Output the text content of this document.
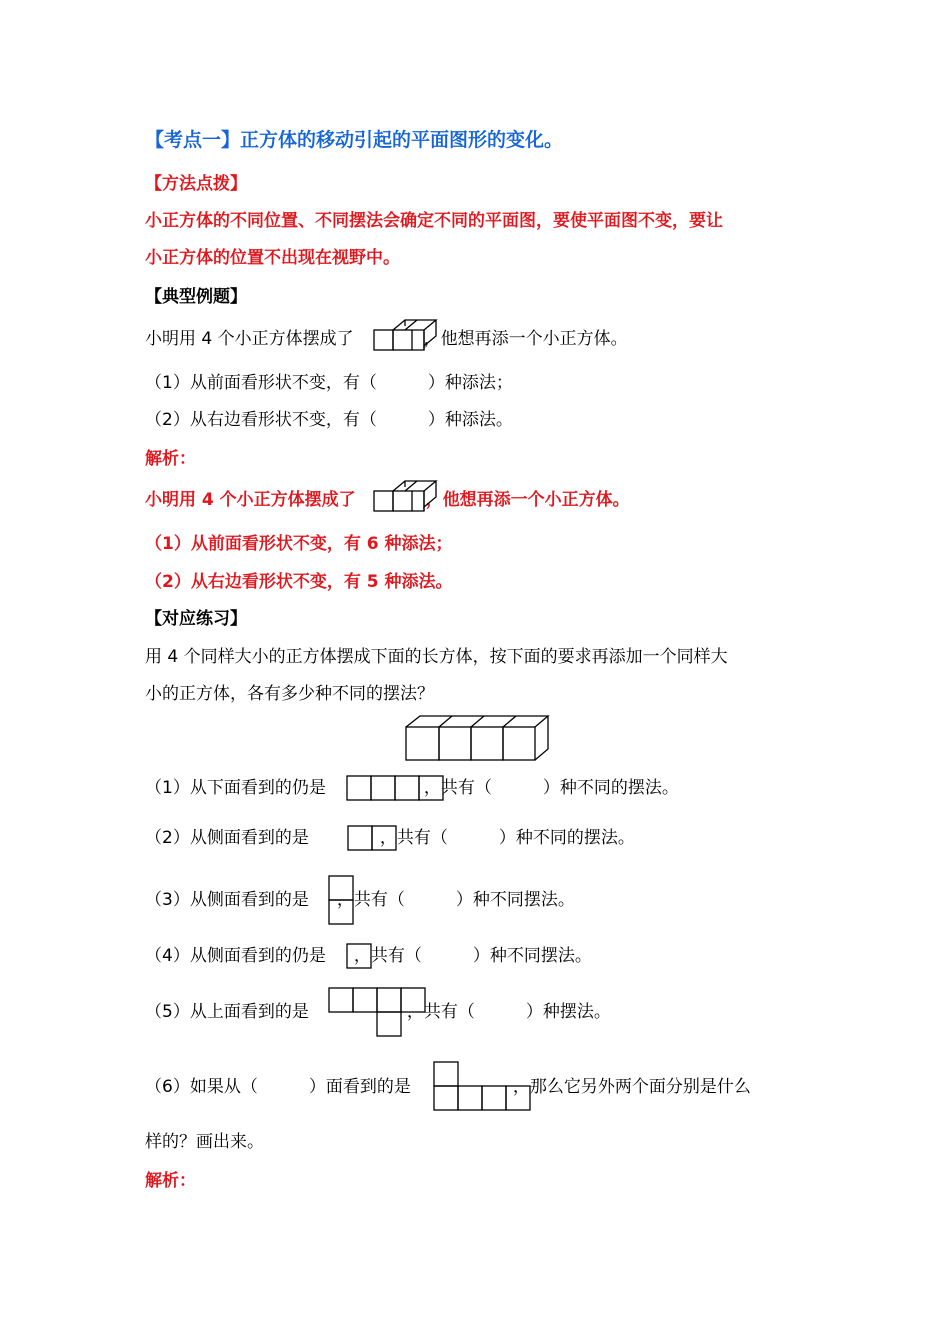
【考点一】正方体的移动引起的平面图形的变化。
【方法点拨】
小正方体的不同位置、不同摆法会确定不同的平面图，要使平面图不变，要让
小正方体的位置不出现在视野中。
【典型例题】
小明用 4 个小正方体摆成了	，他想再添一个小正方体。
（1）从前面看形状不变，有（　　　）种添法；
（2）从右边看形状不变，有（　　　）种添法。
解析：
小明用 4 个小正方体摆成了	，他想再添一个小正方体。
（1）从前面看形状不变，有 6 种添法；
（2）从右边看形状不变，有 5 种添法。
【对应练习】
用 4 个同样大小的正方体摆成下面的长方体，按下面的要求再添加一个同样大
小的正方体，各有多少种不同的摆法？
（1）从下面看到的仍是	，共有（　　　）种不同的摆法。
（2）从侧面看到的是	，共有（　　　）种不同的摆法。
（3）从侧面看到的是 ，共有（　　　）种不同摆法。
（4）从侧面看到的仍是 ，共有（　　　）种不同摆法。
（5）从上面看到的是	，共有（　　　）种摆法。
（6）如果从（　　　）面看到的是	，那么它另外两个面分别是什么
样的？画出来。
解析：
